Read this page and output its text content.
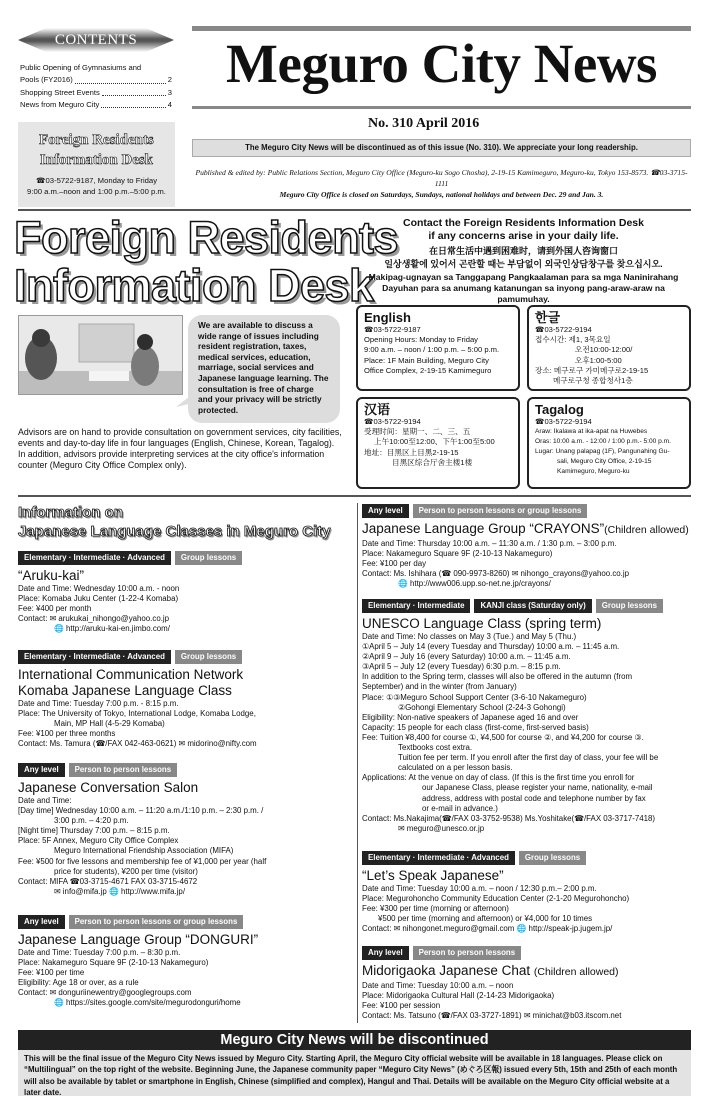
CONTENTS
Public Opening of Gymnasiums and
Pools (FY2016)	2
Shopping Street Events	3
News from Meguro City	4
Foreign Residents
Information Desk
☎03-5722-9187, Monday to Friday
9:00 a.m.–noon and 1:00 p.m.–5:00 p.m.
Meguro City News
No. 310 April 2016
The Meguro City News will be discontinued as of this issue (No. 310). We appreciate your long readership.
Published & edited by: Public Relations Section, Meguro City Office (Meguro-ku Sogo Chosha), 2-19-15 Kamimeguro, Meguro-ku, Tokyo 153-8573. ☎03-3715-1111
Meguro City Office is closed on Saturdays, Sundays, national holidays and between Dec. 29 and Jan. 3.
Foreign Residents
Information Desk
We are available to discuss a wide range of issues including resident registration, taxes, medical services, education, marriage, social services and Japanese language learning. The consultation is free of charge and your privacy will be strictly protected.
Advisors are on hand to provide consultation on government services, city facilities, events and day-to-day life in four languages (English, Chinese, Korean, Tagalog).
In addition, advisors provide interpreting services at the city office's information counter (Meguro City Office Complex only).
Contact the Foreign Residents Information Desk
if any concerns arise in your daily life.
在日常生活中遇到困难时，请到外国人咨询窗口
일상생활에 있어서 곤란할 때는 부담없이 외국인상담창구를 찾으십시오.
Makipag-ugnayan sa Tanggapang Pangkaalaman para sa mga Naninirahang
Dayuhan para sa anumang katanungan sa inyong pang-araw-araw na pamumuhay.
English
☎03-5722-9187
Opening Hours: Monday to Friday
9:00 a.m. – noon / 1:00 p.m. – 5:00 p.m.
Place: 1F Main Building, Meguro City
Office Complex, 2-19-15 Kamimeguro
한글
☎03-5722-9194
접수시간: 제1, 3목요일
오전10:00-12:00/
오후1:00-5:00
장소: 메구로구 가미메구로2-19-15
메구로구청 종합청사1층
汉语
☎03-5722-9194
受理时间：星期一、二、三、五
上午10:00至12:00、下午1:00至5:00
地址：目黑区上目黑2-19-15
目黑区综合厅舍主楼1楼
Tagalog
☎03-5722-9194
Araw: Ikalawa at ika-apat na Huwebes
Oras: 10:00 a.m. - 12:00 / 1:00 p.m.- 5:00 p.m.
Lugar: Unang palapag (1F), Pangunahing Gu-
sali, Meguro City Office, 2-19-15
Kamimeguro, Meguro-ku
Information on
Japanese Language Classes in Meguro City
Elementary · Intermediate · Advanced	Group lessons
“Aruku-kai”
Date and Time: Wednesday 10:00 a.m. - noon
Place: Komaba Juku Center (1-22-4 Komaba)
Fee: ¥400 per month
Contact: ✉ arukukai_nihongo@yahoo.co.jp
🌐 http://aruku-kai-en.jimbo.com/
Elementary · Intermediate · Advanced	Group lessons
International Communication Network
Komaba Japanese Language Class
Date and Time: Tuesday 7:00 p.m. - 8:15 p.m.
Place: The University of Tokyo, International Lodge, Komaba Lodge,
Main, MP Hall (4-5-29 Komaba)
Fee: ¥100 per three months
Contact: Ms. Tamura (☎/FAX 042-463-0621) ✉ midorino@nifty.com
Any level	Person to person lessons
Japanese Conversation Salon
Date and Time:
[Day time] Wednesday 10:00 a.m. – 11:20 a.m./1:10 p.m. – 2:30 p.m. /
3:00 p.m. – 4:20 p.m.
[Night time] Thursday 7:00 p.m. – 8:15 p.m.
Place: 5F Annex, Meguro City Office Complex
Meguro International Friendship Association (MIFA)
Fee: ¥500 for five lessons and membership fee of ¥1,000 per year (half
price for students), ¥200 per time (visitor)
Contact: MIFA ☎03-3715-4671 FAX 03-3715-4672
✉ info@mifa.jp 🌐 http://www.mifa.jp/
Any level	Person to person lessons or group lessons
Japanese Language Group “DONGURI”
Date and Time: Tuesday 7:00 p.m. – 8:30 p.m.
Place: Nakameguro Square 9F (2-10-13 Nakameguro)
Fee: ¥100 per time
Eligibility: Age 18 or over, as a rule
Contact: ✉ donguriinewentry@googlegroups.com
🌐 https://sites.google.com/site/megurodonguri/home
Any level	Person to person lessons or group lessons
Japanese Language Group “CRAYONS”(Children allowed)
Date and Time: Thursday 10:00 a.m. – 11:30 a.m. / 1:30 p.m. – 3:00 p.m.
Place: Nakameguro Square 9F (2-10-13 Nakameguro)
Fee: ¥100 per day
Contact: Ms. Ishihara (☎ 090-9973-8260) ✉ nihongo_crayons@yahoo.co.jp
🌐 http://www006.upp.so-net.ne.jp/crayons/
Elementary · Intermediate	KANJI class (Saturday only)	Group lessons
UNESCO Language Class (spring term)
Date and Time: No classes on May 3 (Tue.) and May 5 (Thu.)
①April 5 – July 14 (every Tuesday and Thursday) 10:00 a.m. – 11:45 a.m.
②April 9 – July 16 (every Saturday) 10:00 a.m. – 11:45 a.m.
③April 5 – July 12 (every Tuesday) 6:30 p.m. – 8:15 p.m.
In addition to the Spring term, classes will also be offered in the autumn (from
September) and in the winter (from January)
Place: ①③Meguro School Support Center (3-6-10 Nakameguro)
②Gohongi Elementary School (2-24-3 Gohongi)
Eligibility: Non-native speakers of Japanese aged 16 and over
Capacity: 15 people for each class (first-come, first-served basis)
Fee: Tuition ¥8,400 for course ①, ¥4,500 for course ②, and ¥4,200 for course ③.
Textbooks cost extra.
Tuition fee per term. If you enroll after the first day of class, your fee will be
calculated on a per lesson basis.
Applications: At the venue on day of class. (If this is the first time you enroll for
our Japanese Class, please register your name, nationality, e-mail
address, address with postal code and telephone number by fax
or e-mail in advance.)
Contact: Ms.Nakajima(☎/FAX 03-3752-9538) Ms.Yoshitake(☎/FAX 03-3717-7418)
✉ meguro@unesco.or.jp
Elementary · Intermediate · Advanced	Group lessons
“Let’s Speak Japanese”
Date and Time: Tuesday 10:00 a.m. – noon / 12:30 p.m.– 2:00 p.m.
Place: Megurohoncho Community Education Center (2-1-20 Megurohoncho)
Fee: ¥300 per time (morning or afternoon)
¥500 per time (morning and afternoon) or ¥4,000 for 10 times
Contact: ✉ nihongonet.meguro@gmail.com 🌐 http://speak-jp.jugem.jp/
Any level	Person to person lessons
Midorigaoka Japanese Chat (Children allowed)
Date and Time: Tuesday 10:00 a.m. – noon
Place: Midorigaoka Cultural Hall (2-14-23 Midorigaoka)
Fee: ¥100 per session
Contact: Ms. Tatsuno (☎/FAX 03-3727-1891) ✉ minichat@b03.itscom.net
Meguro City News will be discontinued
This will be the final issue of the Meguro City News issued by Meguro City. Starting April, the Meguro City official website will be available in 18 languages. Please click on “Multilingual” on the top right of the website. Beginning June, the Japanese community paper “Meguro City News” (めぐろ区報) issued every 5th, 15th and 25th of each month will also be available by tablet or smartphone in English, Chinese (simplified and complex), Hangul and Thai. Details will be available on the Meguro City official website at a later date.
